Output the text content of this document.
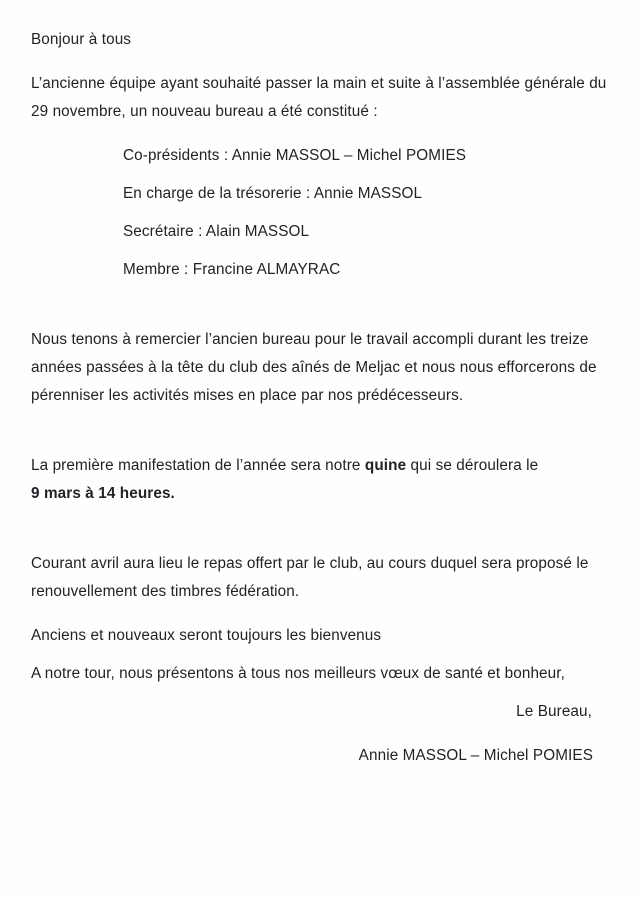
Bonjour à tous
L’ancienne équipe ayant souhaité passer la main et suite à l’assemblée générale du 29 novembre, un nouveau bureau a été constitué :
Co-présidents : Annie MASSOL – Michel POMIES
En charge de la trésorerie : Annie MASSOL
Secrétaire : Alain MASSOL
Membre : Francine ALMAYRAC
Nous tenons à remercier l’ancien bureau pour le travail accompli durant les treize années passées à la tête du club des aînés de Meljac et nous nous efforcerons de pérenniser les activités mises en place par nos prédécesseurs.
La première manifestation de l’année sera notre quine qui se déroulera le
9 mars à 14 heures.
Courant avril aura lieu le repas offert par le club, au cours duquel sera proposé le renouvellement des timbres fédération.
Anciens et nouveaux seront toujours les bienvenus
A notre tour, nous présentons à tous nos meilleurs vœux de santé et bonheur,
Le Bureau,
Annie MASSOL – Michel POMIES
